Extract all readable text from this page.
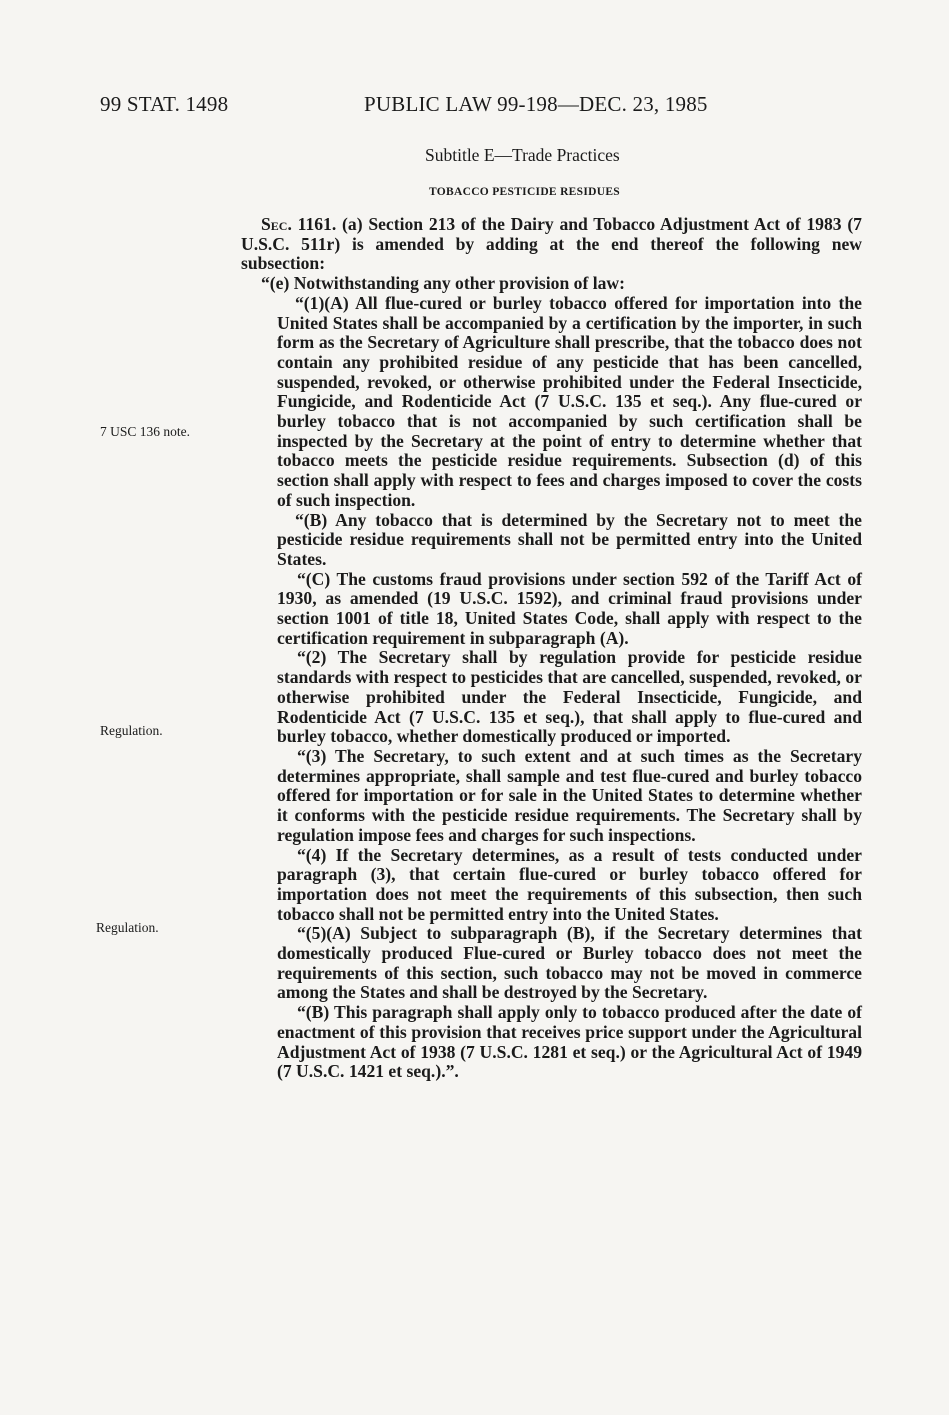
99 STAT. 1498	PUBLIC LAW 99-198—DEC. 23, 1985
Subtitle E—Trade Practices
TOBACCO PESTICIDE RESIDUES
7 USC 136 note.
Regulation.
Regulation.

Sec. 1161. (a) Section 213 of the Dairy and Tobacco Adjustment Act of 1983 (7 U.S.C. 511r) is amended by adding at the end thereof the following new subsection:

“(e) Notwithstanding any other provision of law:

“(1)(A) All flue-cured or burley tobacco offered for importation into the United States shall be accompanied by a certification by the importer, in such form as the Secretary of Agriculture shall prescribe, that the tobacco does not contain any prohibited residue of any pesticide that has been cancelled, suspended, revoked, or otherwise prohibited under the Federal Insecticide, Fungicide, and Rodenticide Act (7 U.S.C. 135 et seq.). Any flue-cured or burley tobacco that is not accompanied by such certification shall be inspected by the Secretary at the point of entry to determine whether that tobacco meets the pesticide residue requirements. Subsection (d) of this section shall apply with respect to fees and charges imposed to cover the costs of such inspection.

“(B) Any tobacco that is determined by the Secretary not to meet the pesticide residue requirements shall not be permitted entry into the United States.

“(C) The customs fraud provisions under section 592 of the Tariff Act of 1930, as amended (19 U.S.C. 1592), and criminal fraud provisions under section 1001 of title 18, United States Code, shall apply with respect to the certification requirement in subparagraph (A).

“(2) The Secretary shall by regulation provide for pesticide residue standards with respect to pesticides that are cancelled, suspended, revoked, or otherwise prohibited under the Federal Insecticide, Fungicide, and Rodenticide Act (7 U.S.C. 135 et seq.), that shall apply to flue-cured and burley tobacco, whether domestically produced or imported.

“(3) The Secretary, to such extent and at such times as the Secretary determines appropriate, shall sample and test flue-cured and burley tobacco offered for importation or for sale in the United States to determine whether it conforms with the pesticide residue requirements. The Secretary shall by regulation impose fees and charges for such inspections.

“(4) If the Secretary determines, as a result of tests conducted under paragraph (3), that certain flue-cured or burley tobacco offered for importation does not meet the requirements of this subsection, then such tobacco shall not be permitted entry into the United States.

“(5)(A) Subject to subparagraph (B), if the Secretary determines that domestically produced Flue-cured or Burley tobacco does not meet the requirements of this section, such tobacco may not be moved in commerce among the States and shall be destroyed by the Secretary.

“(B) This paragraph shall apply only to tobacco produced after the date of enactment of this provision that receives price support under the Agricultural Adjustment Act of 1938 (7 U.S.C. 1281 et seq.) or the Agricultural Act of 1949 (7 U.S.C. 1421 et seq.).”.
